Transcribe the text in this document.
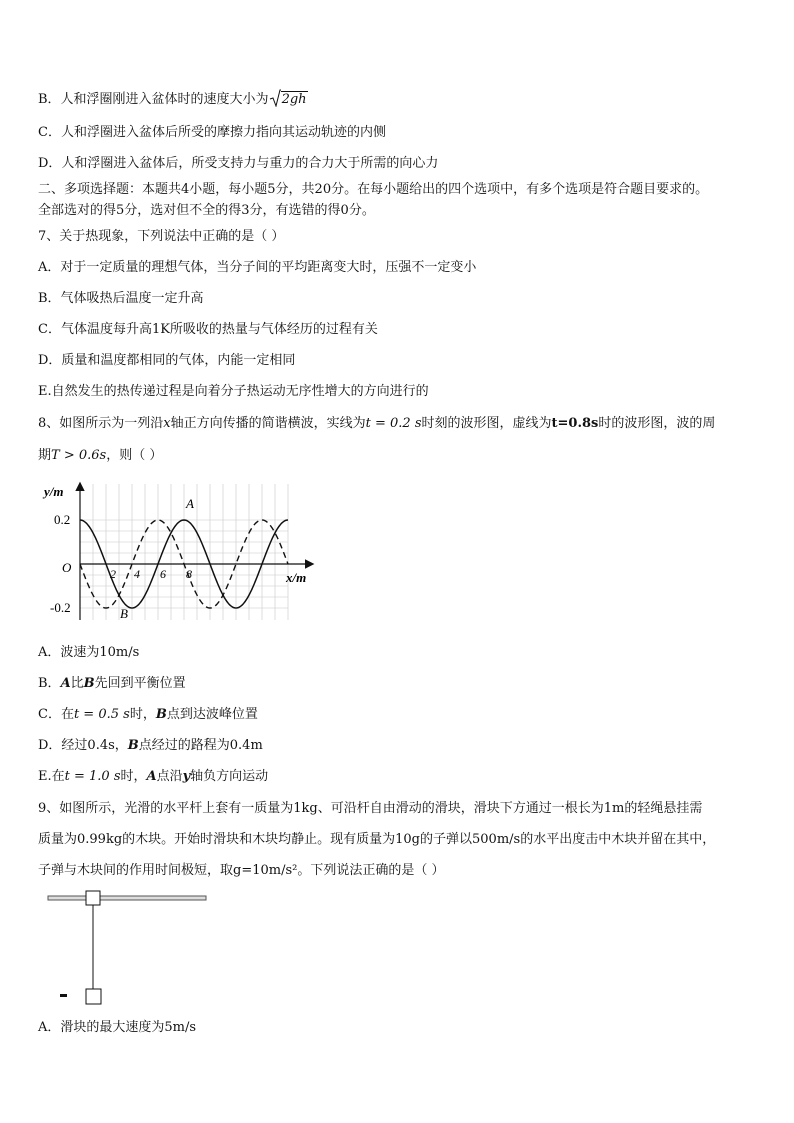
B．人和浮圈刚进入盆体时的速度大小为 2gh
C．人和浮圈进入盆体后所受的摩擦力指向其运动轨迹的内侧
D．人和浮圈进入盆体后，所受支持力与重力的合力大于所需的向心力
二、多项选择题：本题共4小题，每小题5分，共20分。在每小题给出的四个选项中，有多个选项是符合题目要求的。
全部选对的得5分，选对但不全的得3分，有选错的得0分。
7、关于热现象，下列说法中正确的是（ ）
A．对于一定质量的理想气体，当分子间的平均距离变大时，压强不一定变小
B．气体吸热后温度一定升高
C．气体温度每升高1K所吸收的热量与气体经历的过程有关
D．质量和温度都相同的气体，内能一定相同
E.自然发生的热传递过程是向着分子热运动无序性增大的方向进行的
8、如图所示为一列沿x轴正方向传播的简谐横波，实线为t = 0.2 s时刻的波形图，虚线为t=0.8s时的波形图，波的周
期T > 0.6s，则（ ）
y/m
x/m
O
0.2
-0.2
2 4 6 8
A
B
A．波速为10m/s
B．A比B先回到平衡位置
C．在t = 0.5 s时，B点到达波峰位置
D．经过0.4s，B点经过的路程为0.4m
E.在t = 1.0 s时，A点沿y轴负方向运动
9、如图所示，光滑的水平杆上套有一质量为1kg、可沿杆自由滑动的滑块，滑块下方通过一根长为1m的轻绳悬挂需
质量为0.99kg的木块。开始时滑块和木块均静止。现有质量为10g的子弹以500m/s的水平出度击中木块并留在其中，
子弹与木块间的作用时间极短，取g=10m/s²。下列说法正确的是（ ）
A．滑块的最大速度为5m/s
